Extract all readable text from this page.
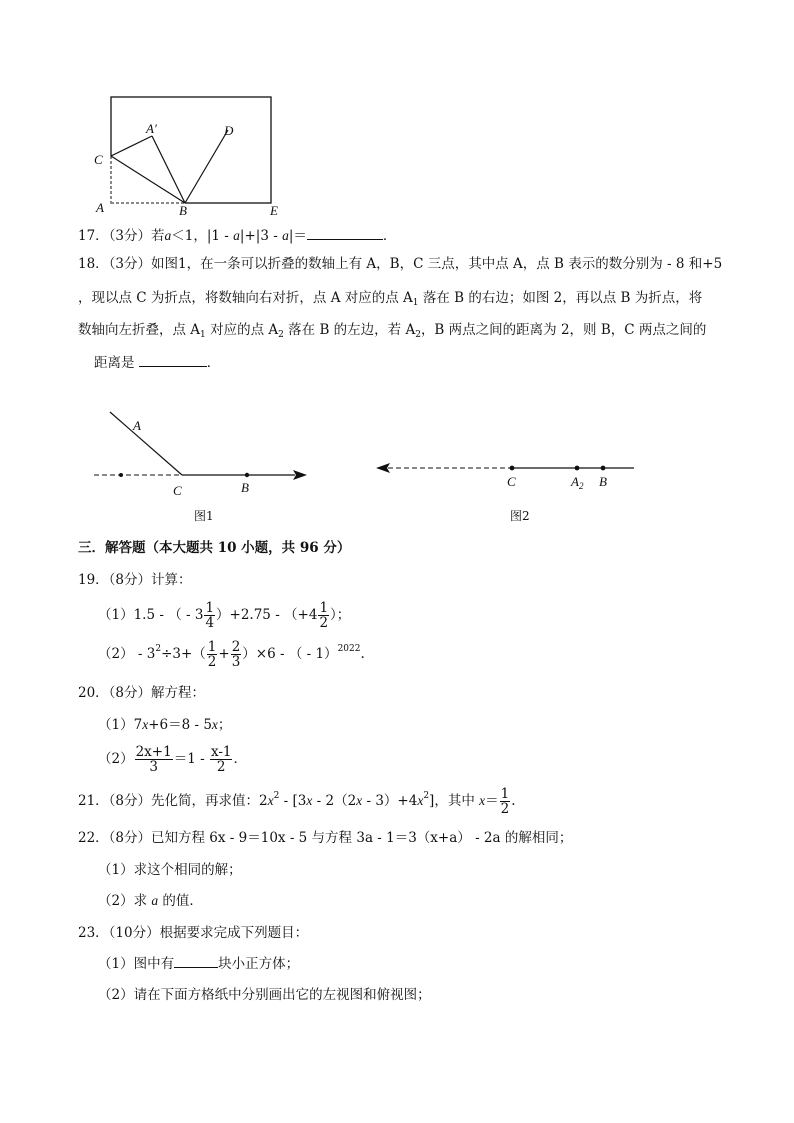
A′	D
C
A	B	E
17．（3分）若a＜1，|1 - a|+|3 - a|＝	．
18．（3分）如图1，在一条可以折叠的数轴上有 A，B，C 三点，其中点 A，点 B 表示的数分别为 - 8 和+5
，现以点 C 为折点，将数轴向右对折，点 A 对应的点 $A_1$ 落在 B 的右边；如图 2，再以点 B 为折点，将
数轴向左折叠，点 $A_1$ 对应的点 $A_2$ 落在 B 的左边，若 $A_2$，B 两点之间的距离为 2，则 B，C 两点之间的
距离是	．
A
C	B
图1
C	$A_2$ B
图2
三．解答题（本大题共 10 小题，共 96 分）
19．（8分）计算：
（1）1.5 - （ - $3 \frac{1}{4} )+2.75 - (+4 \frac{1}{2}$ ）；
$(2) - 3^2\div 3+( \frac{1}{2} + \frac{2}{3} )\times 6$ - （ - 1）$^{2022}$.
20．（8分）解方程：
（1）7x+6＝8 - 5x；
$(2) \frac{2x+1}{3} =1 - \frac{x-1}{2}$ ．
21．（8分）先化简，再求值：$2x^2 - [3x - 2(2x - 3)+4x^2]$，其中 $x= \frac{1}{2}$ .
22．（8分）已知方程 6x - 9＝10x - 5 与方程 3a - 1＝3（x+a） - 2a 的解相同；
（1）求这个相同的解；
（2）求 a 的值．
23．（10分）根据要求完成下列题目：
（1）图中有	块小正方体；
（2）请在下面方格纸中分别画出它的左视图和俯视图；
